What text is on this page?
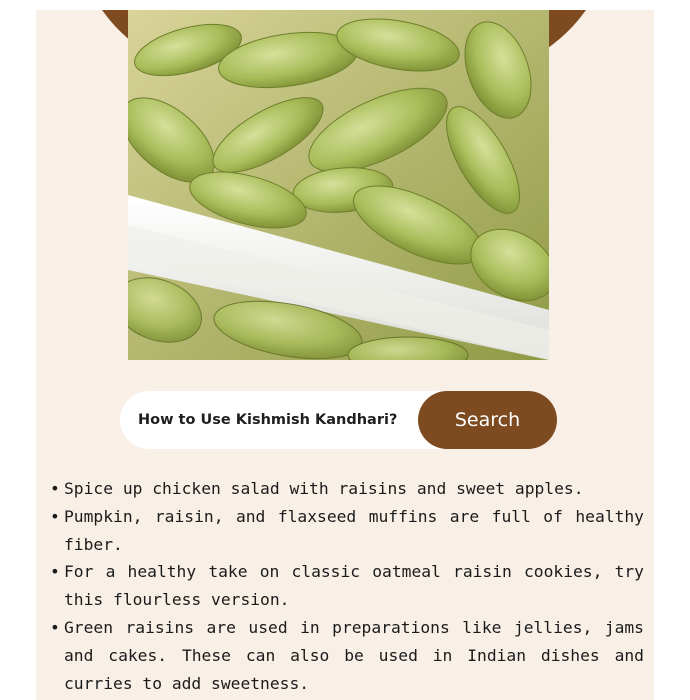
How to Use Kishmish Kandhari?	Search
• Spice up chicken salad with raisins and sweet apples.
• Pumpkin, raisin, and flaxseed muffins are full of healthy fiber.
• For a healthy take on classic oatmeal raisin cookies, try this flourless version.
• Green raisins are used in preparations like jellies, jams and cakes. These can also be used in Indian dishes and curries to add sweetness.
